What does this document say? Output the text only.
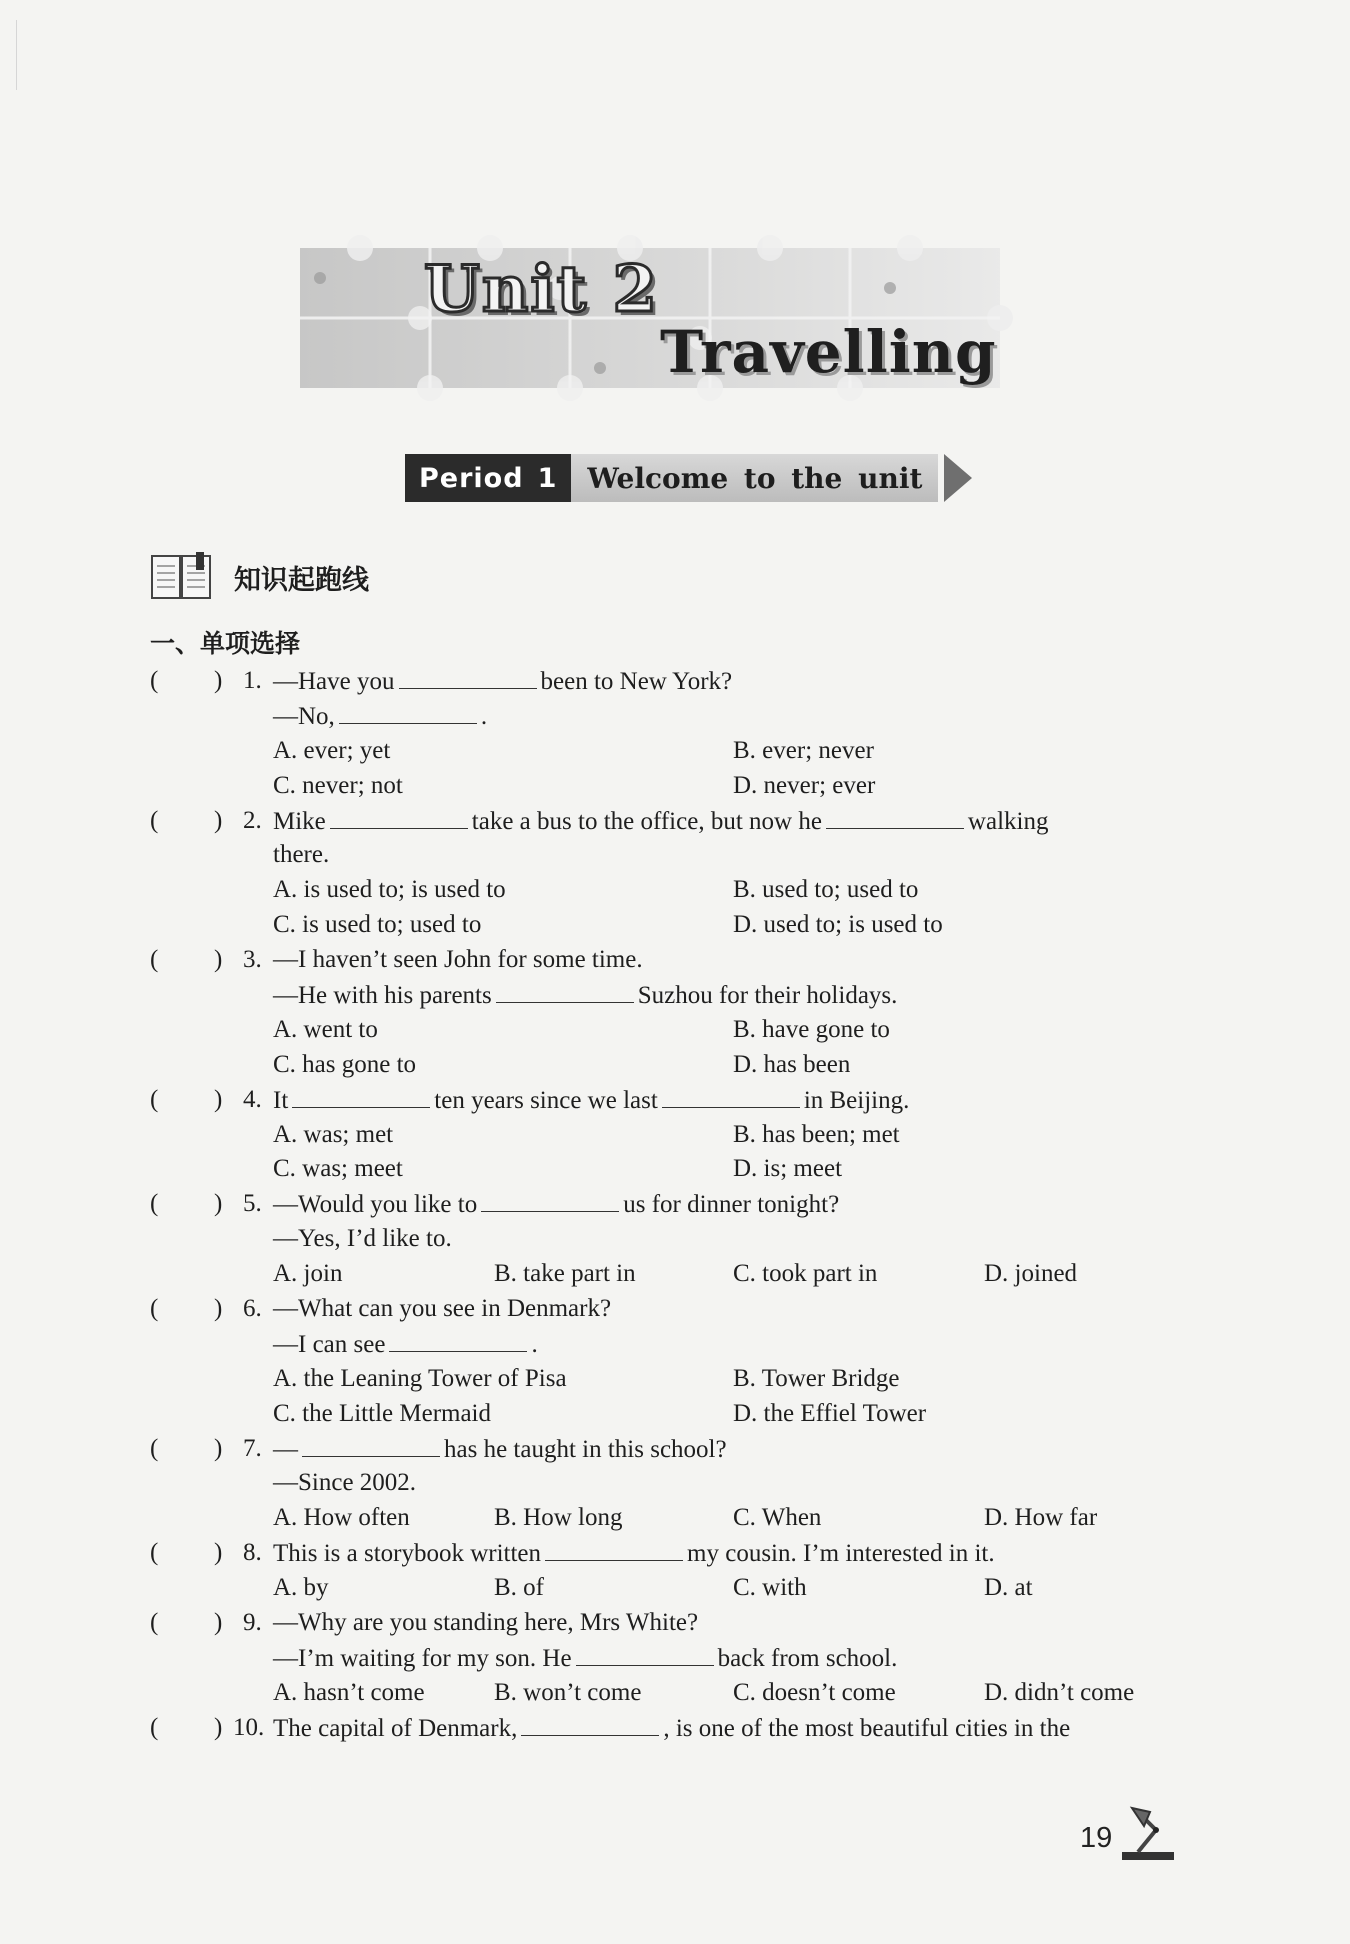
Unit 2
Travelling
Period 1	Welcome to the unit
知识起跑线
一、单项选择
( ) 1. —Have you	been to New York?
—No,	.
A. ever; yet	B. ever; never
C. never; not	D. never; ever
( ) 2. Mike	take a bus to the office, but now he	walking
there.
A. is used to; is used to	B. used to; used to
C. is used to; used to	D. used to; is used to
( ) 3. —I haven’t seen John for some time.
—He with his parents	Suzhou for their holidays.
A. went to	B. have gone to
C. has gone to	D. has been
( ) 4. It	ten years since we last	in Beijing.
A. was; met	B. has been; met
C. was; meet	D. is; meet
( ) 5. —Would you like to	us for dinner tonight?
—Yes, I’d like to.
A. join	B. take part in	C. took part in	D. joined
( ) 6. —What can you see in Denmark?
—I can see	.
A. the Leaning Tower of Pisa	B. Tower Bridge
C. the Little Mermaid	D. the Effiel Tower
( ) 7. —	has he taught in this school?
—Since 2002.
A. How often	B. How long	C. When	D. How far
( ) 8. This is a storybook written	my cousin. I’m interested in it.
A. by	B. of	C. with	D. at
( ) 9. —Why are you standing here, Mrs White?
—I’m waiting for my son. He	back from school.
A. hasn’t come	B. won’t come	C. doesn’t come	D. didn’t come
( ) 10. The capital of Denmark,	, is one of the most beautiful cities in the
19
